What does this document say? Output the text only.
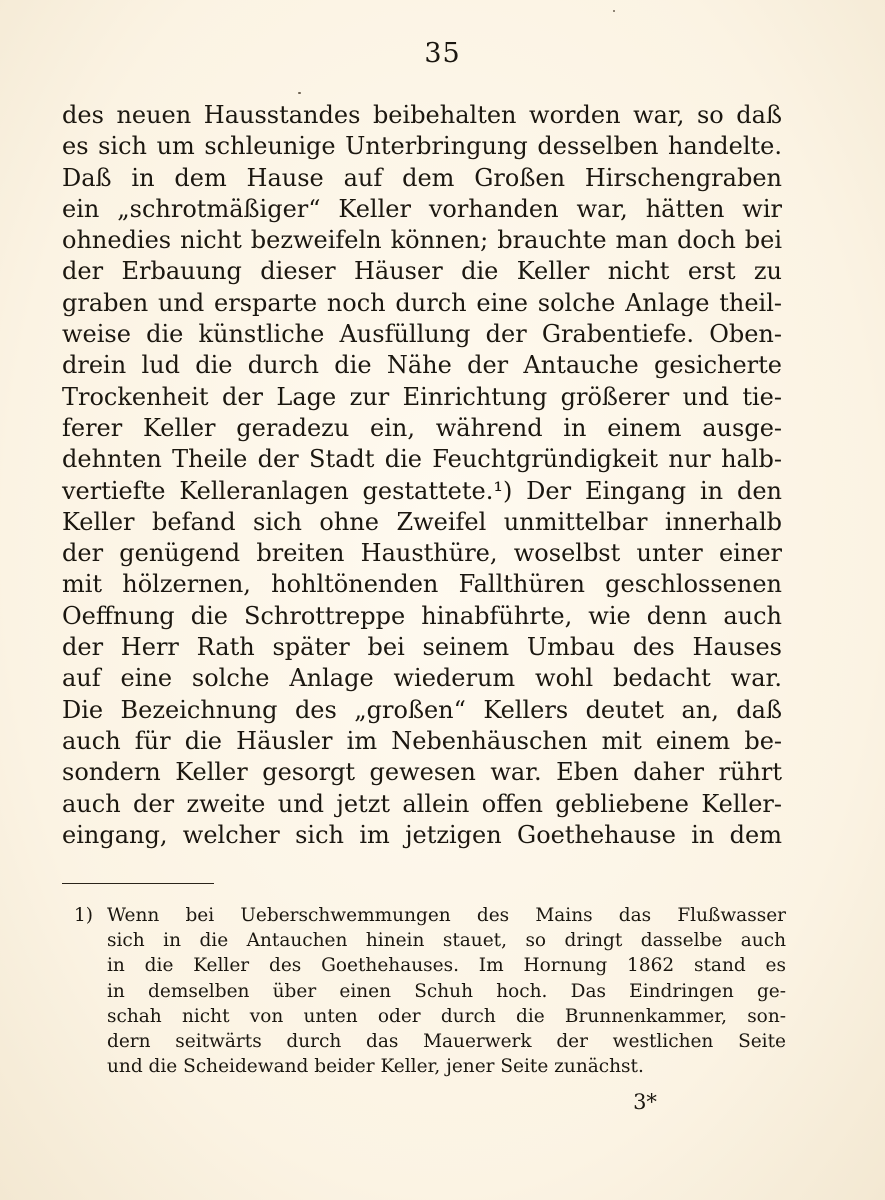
35
des neuen Hausstandes beibehalten worden war, so daß
es sich um schleunige Unterbringung desselben handelte.
Daß in dem Hause auf dem Großen Hirschengraben
ein „schrotmäßiger“ Keller vorhanden war, hätten wir
ohnedies nicht bezweifeln können; brauchte man doch bei
der Erbauung dieser Häuser die Keller nicht erst zu
graben und ersparte noch durch eine solche Anlage theil-
weise die künstliche Ausfüllung der Grabentiefe. Oben-
drein lud die durch die Nähe der Antauche gesicherte
Trockenheit der Lage zur Einrichtung größerer und tie-
ferer Keller geradezu ein, während in einem ausge-
dehnten Theile der Stadt die Feuchtgründigkeit nur halb-
vertiefte Kelleranlagen gestattete.¹) Der Eingang in den
Keller befand sich ohne Zweifel unmittelbar innerhalb
der genügend breiten Hausthüre, woselbst unter einer
mit hölzernen, hohltönenden Fallthüren geschlossenen
Oeffnung die Schrottreppe hinabführte, wie denn auch
der Herr Rath später bei seinem Umbau des Hauses
auf eine solche Anlage wiederum wohl bedacht war.
Die Bezeichnung des „großen“ Kellers deutet an, daß
auch für die Häusler im Nebenhäuschen mit einem be-
sondern Keller gesorgt gewesen war. Eben daher rührt
auch der zweite und jetzt allein offen gebliebene Keller-
eingang, welcher sich im jetzigen Goethehause in dem
1) Wenn bei Ueberschwemmungen des Mains das Flußwasser
sich in die Antauchen hinein stauet, so dringt dasselbe auch
in die Keller des Goethehauses. Im Hornung 1862 stand es
in demselben über einen Schuh hoch. Das Eindringen ge-
schah nicht von unten oder durch die Brunnenkammer, son-
dern seitwärts durch das Mauerwerk der westlichen Seite
und die Scheidewand beider Keller, jener Seite zunächst.
3*
